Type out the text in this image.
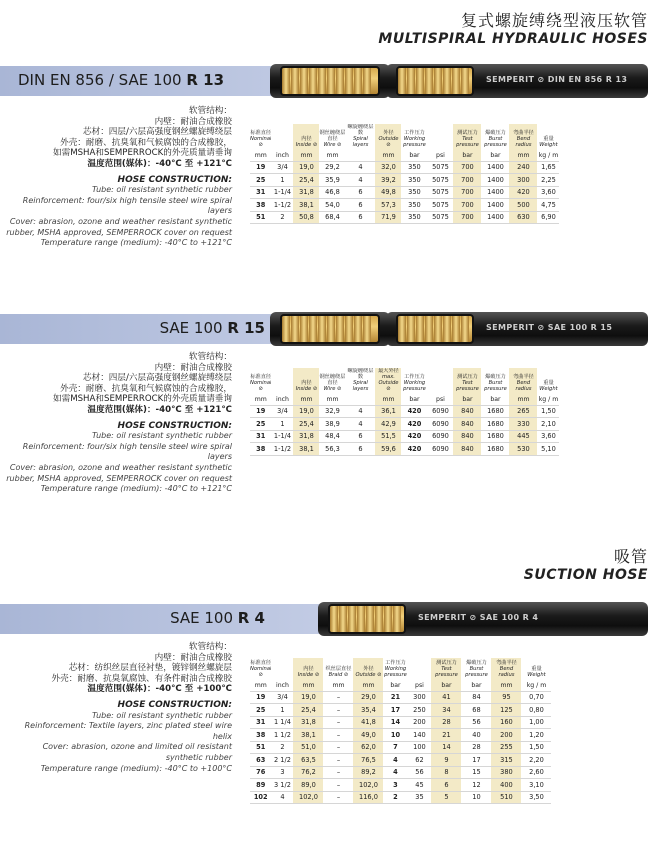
复式螺旋缚绕型液压软管
MULTISPIRAL HYDRAULIC HOSES
吸管
SUCTION HOSE
DIN EN 856 / SAE 100 R 13	SEMPERIT ⊘ DIN EN 856 R 13
软管结构：
内壁：耐油合成橡胶
芯材：四层/六层高强度钢丝螺旋缚绕层
外壳：耐磨、抗臭氧和气候腐蚀的合成橡胶，
如需MSHA和SEMPERROCK的外壳质量请垂询
温度范围(媒体)：-40°C 至 +121°C
HOSE CONSTRUCTION:
Tube: oil resistant synthetic rubber
Reinforcement: four/six high tensile steel wire spiral layers
Cover: abrasion, ozone and weather resistant synthetic rubber, MSHA approved, SEMPERROCK cover on request
Temperature range (medium): -40°C to +121°C
标准直径
Nominal ⊘		内径
Inside ⊘	钢丝缠绕层直径
Wire ⊘	螺旋缠绕层数
Spiral layers	外径
Outside ⊘	工作压力
Working pressure		测试压力
Test pressure	爆破压力
Burst pressure	弯曲半径
Bend radius	重量
Weight

mm	inch	mm	mm		mm	bar	psi	bar	bar	mm	kg / m
19	3/4	19,0	29,2	4	32,0	350	5075	700	1400	240	1,65
25	1	25,4	35,9	4	39,2	350	5075	700	1400	300	2,25
31	1-1/4	31,8	46,8	6	49,8	350	5075	700	1400	420	3,60
38	1-1/2	38,1	54,0	6	57,3	350	5075	700	1400	500	4,75
51	2	50,8	68,4	6	71,9	350	5075	700	1400	630	6,90
SAE 100 R 15	SEMPERIT ⊘ SAE 100 R 15
软管结构：
内壁：耐油合成橡胶
芯材：四层/六层高强度钢丝螺旋缚绕层
外壳：耐磨、抗臭氧和气候腐蚀的合成橡胶，
如需MSHA和SEMPERROCK的外壳质量请垂询
温度范围(媒体)：-40°C 至 +121°C
HOSE CONSTRUCTION:
Tube: oil resistant synthetic rubber
Reinforcement: four/six high tensile steel wire spiral layers
Cover: abrasion, ozone and weather resistant synthetic rubber, MSHA approved, SEMPERROCK cover on request
Temperature range (medium): -40°C to +121°C
标准直径
Nominal ⊘		内径
Inside ⊘	钢丝缠绕层直径
Wire ⊘	螺旋缠绕层数
Spiral layers	最大外径
max. Outside ⊘	工作压力
Working pressure		测试压力
Test pressure	爆破压力
Burst pressure	弯曲半径
Bend radius	重量
Weight

mm	inch	mm	mm		mm	bar	psi	bar	bar	mm	kg / m
19	3/4	19,0	32,9	4	36,1	420	6090	840	1680	265	1,50
25	1	25,4	38,9	4	42,9	420	6090	840	1680	330	2,10
31	1-1/4	31,8	48,4	6	51,5	420	6090	840	1680	445	3,60
38	1-1/2	38,1	56,3	6	59,6	420	6090	840	1680	530	5,10
SAE 100 R 4	SEMPERIT ⊘ SAE 100 R 4
软管结构：
内壁：耐油合成橡胶
芯材：纺织丝层直径衬垫，镀锌钢丝螺旋层
外壳：耐磨、抗臭氧腐蚀、有条件耐油合成橡胶
温度范围(媒体)：-40°C 至 +100°C
HOSE CONSTRUCTION:
Tube: oil resistant synthetic rubber
Reinforcement: Textile layers, zinc plated steel wire helix
Cover: abrasion, ozone and limited oil resistant synthetic rubber
Temperature range (medium): -40°C to +100°C
标准直径
Nominal ⊘		内径
Inside ⊘	织丝层直径
Braid ⊘	外径
Outside ⊘	工作压力
Working pressure		测试压力
Test pressure	爆破压力
Burst pressure	弯曲半径
Bend radius	重量
Weight

mm	inch	mm	mm	mm	bar	psi	bar	bar	mm	kg / m
19	3/4	19,0	–	29,0	21	300	41	84	95	0,70
25	1	25,4	–	35,4	17	250	34	68	125	0,80
31	1 1/4	31,8	–	41,8	14	200	28	56	160	1,00
38	1 1/2	38,1	–	49,0	10	140	21	40	200	1,20
51	2	51,0	–	62,0	7	100	14	28	255	1,50
63	2 1/2	63,5	–	76,5	4	62	9	17	315	2,20
76	3	76,2	–	89,2	4	56	8	15	380	2,60
89	3 1/2	89,0	–	102,0	3	45	6	12	400	3,10
102	4	102,0	–	116,0	2	35	5	10	510	3,50
